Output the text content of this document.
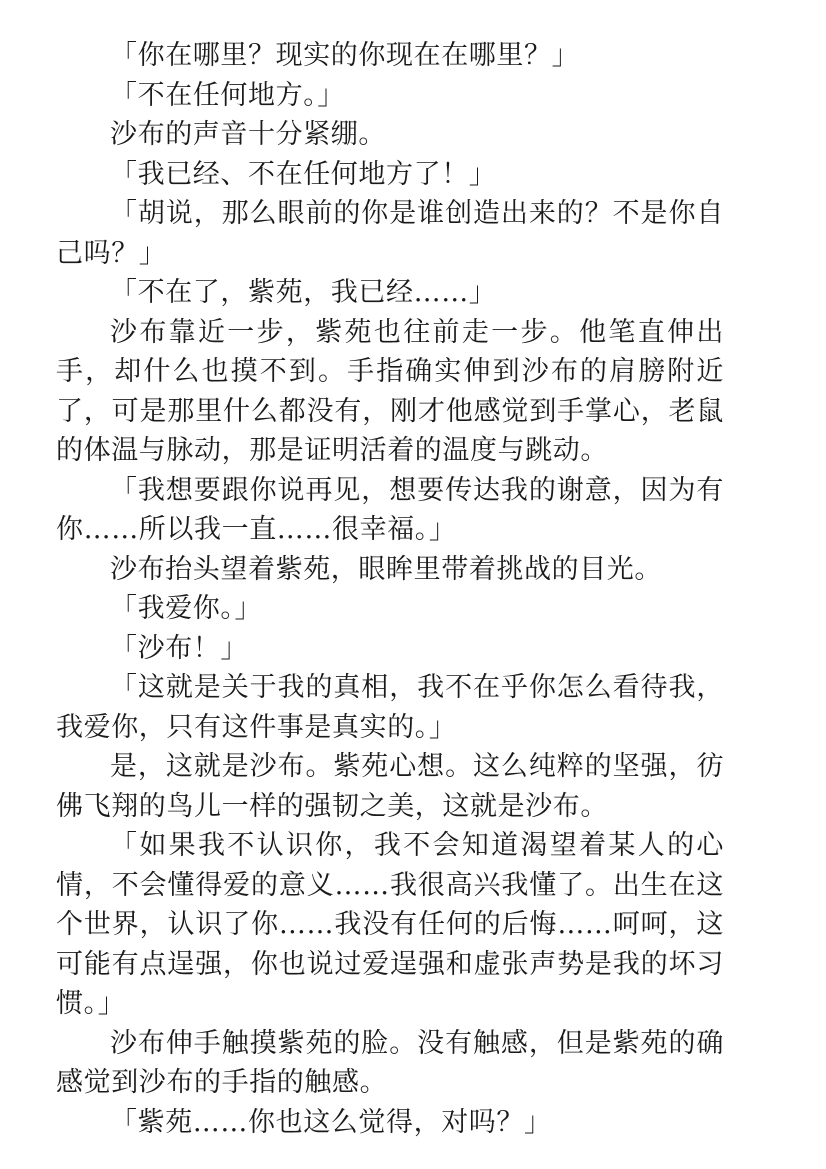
「你在哪里？现实的你现在在哪里？」

「不在任何地方。」

沙布的声音十分紧绷。

「我已经、不在任何地方了！」

「胡说，那么眼前的你是谁创造出来的？不是你自己吗？」

「不在了，紫苑，我已经……」

沙布靠近一步，紫苑也往前走一步。他笔直伸出手，却什么也摸不到。手指确实伸到沙布的肩膀附近了，可是那里什么都没有，刚才他感觉到手掌心，老鼠的体温与脉动，那是证明活着的温度与跳动。

「我想要跟你说再见，想要传达我的谢意，因为有你……所以我一直……很幸福。」

沙布抬头望着紫苑，眼眸里带着挑战的目光。

「我爱你。」

「沙布！」

「这就是关于我的真相，我不在乎你怎么看待我，我爱你，只有这件事是真实的。」

是，这就是沙布。紫苑心想。这么纯粹的坚强，彷佛飞翔的鸟儿一样的强韧之美，这就是沙布。

「如果我不认识你，我不会知道渴望着某人的心情，不会懂得爱的意义……我很高兴我懂了。出生在这个世界，认识了你……我没有任何的后悔……呵呵，这可能有点逞强，你也说过爱逞强和虚张声势是我的坏习惯。」

沙布伸手触摸紫苑的脸。没有触感，但是紫苑的确感觉到沙布的手指的触感。

「紫苑……你也这么觉得，对吗？」
